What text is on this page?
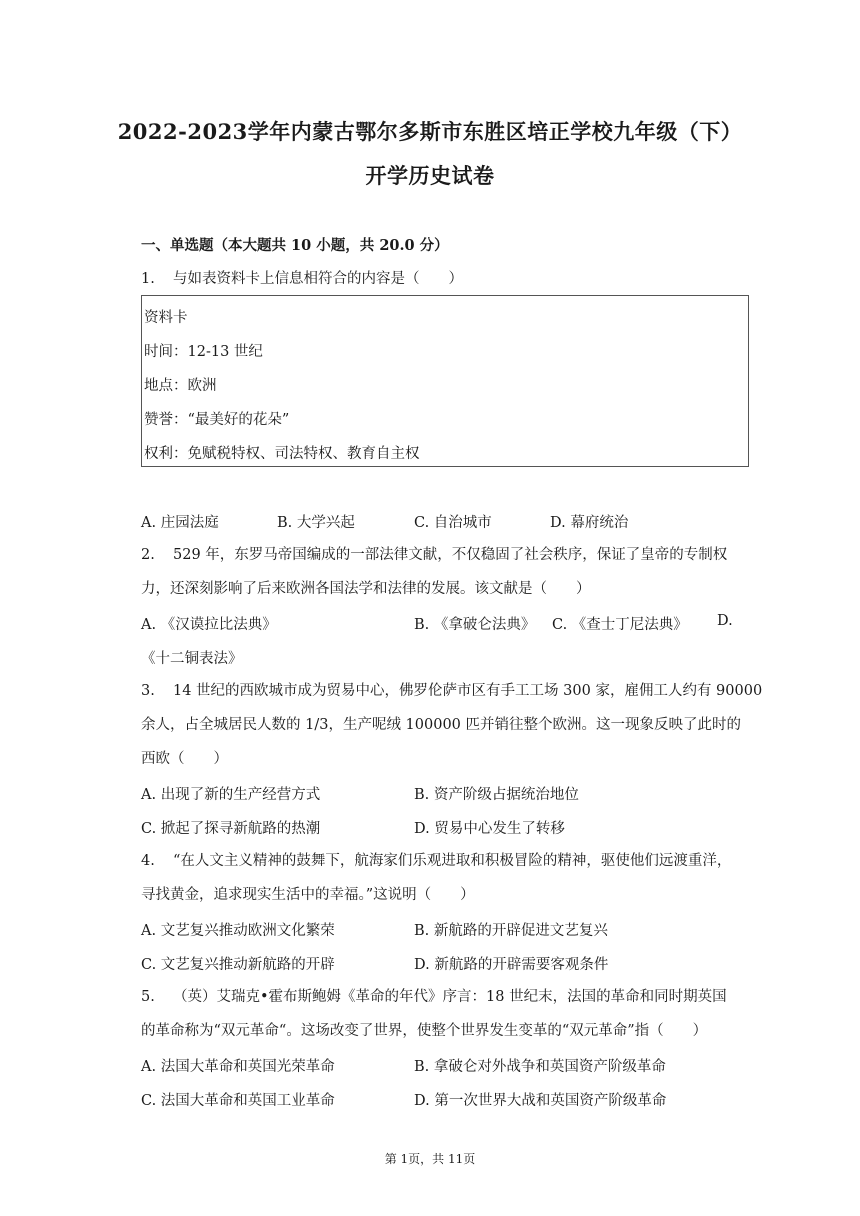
2022-2023学年内蒙古鄂尔多斯市东胜区培正学校九年级（下）
开学历史试卷
一、单选题（本大题共 10 小题，共 20.0 分）
1. 与如表资料卡上信息相符合的内容是（　　）
资料卡
时间：12-13 世纪
地点：欧洲
赞誉：“最美好的花朵”
权利：免赋税特权、司法特权、教育自主权
A. 庄园法庭	B. 大学兴起	C. 自治城市	D. 幕府统治
2. 529 年，东罗马帝国编成的一部法律文献，不仅稳固了社会秩序，保证了皇帝的专制权
力，还深刻影响了后来欧洲各国法学和法律的发展。该文献是（　　）
A. 《汉谟拉比法典》	B. 《拿破仑法典》 C. 《查士丁尼法典》 D.
《十二铜表法》
3. 14 世纪的西欧城市成为贸易中心，佛罗伦萨市区有手工工场 300 家，雇佣工人约有 90000
余人，占全城居民人数的 1/3，生产呢绒 100000 匹并销往整个欧洲。这一现象反映了此时的
西欧（　　）
A. 出现了新的生产经营方式	B. 资产阶级占据统治地位
C. 掀起了探寻新航路的热潮	D. 贸易中心发生了转移
4. “在人文主义精神的鼓舞下，航海家们乐观进取和积极冒险的精神，驱使他们远渡重洋，
寻找黄金，追求现实生活中的幸福。”这说明（　　）
A. 文艺复兴推动欧洲文化繁荣	B. 新航路的开辟促进文艺复兴
C. 文艺复兴推动新航路的开辟	D. 新航路的开辟需要客观条件
5. （英）艾瑞克•霍布斯鲍姆《革命的年代》序言：18 世纪末，法国的革命和同时期英国
的革命称为“双元革命“。这场改变了世界，使整个世界发生变革的“双元革命”指（　　）
A. 法国大革命和英国光荣革命	B. 拿破仑对外战争和英国资产阶级革命
C. 法国大革命和英国工业革命	D. 第一次世界大战和英国资产阶级革命
第 1页，共 11页
